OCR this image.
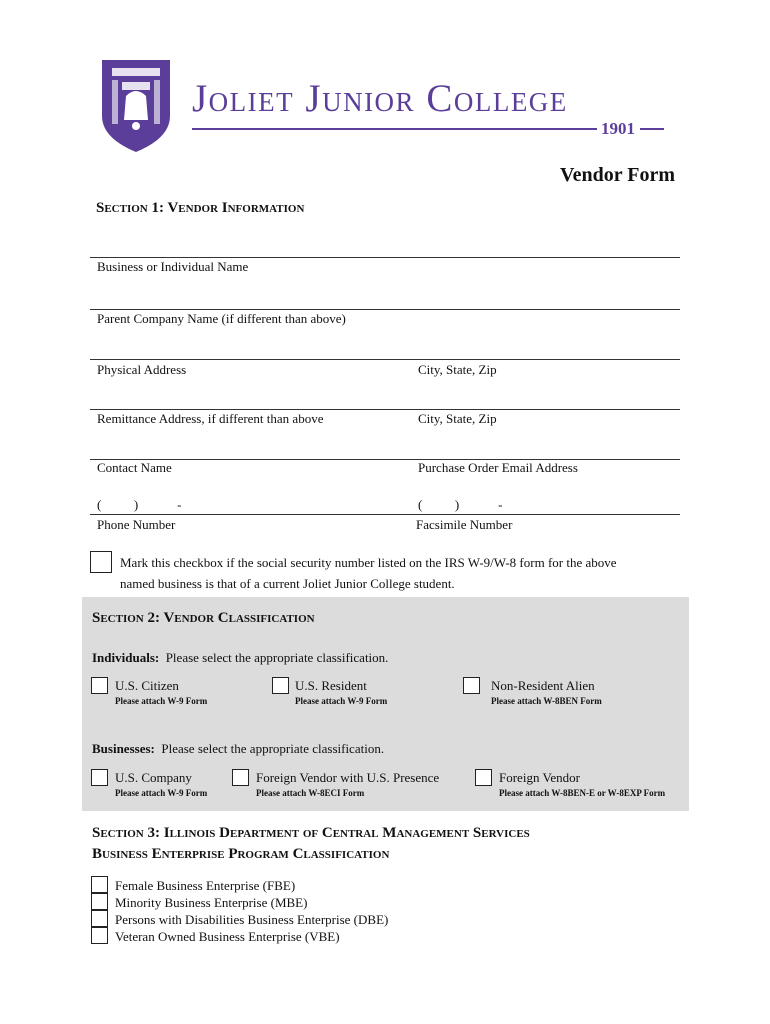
Joliet Junior College
1901
Vendor Form
Section 1: Vendor Information
Business or Individual Name
Parent Company Name (if different than above)
Physical Address	City, State, Zip
Remittance Address, if different than above	City, State, Zip
Contact Name	Purchase Order Email Address
(          )            -	(          )            -
Phone Number	Facsimile Number
Mark this checkbox if the social security number listed on the IRS W-9/W-8 form for the above
named business is that of a current Joliet Junior College student.
Section 2: Vendor Classification
Individuals: Please select the appropriate classification.
U.S. Citizen
Please attach W-9 Form
U.S. Resident
Please attach W-9 Form
Non-Resident Alien
Please attach W-8BEN Form
Businesses: Please select the appropriate classification.
U.S. Company
Please attach W-9 Form
Foreign Vendor with U.S. Presence
Please attach W-8ECI Form
Foreign Vendor
Please attach W-8BEN-E or W-8EXP Form
Section 3: Illinois Department of Central Management Services
Business Enterprise Program Classification
Female Business Enterprise (FBE)
Minority Business Enterprise (MBE)
Persons with Disabilities Business Enterprise (DBE)
Veteran Owned Business Enterprise (VBE)
